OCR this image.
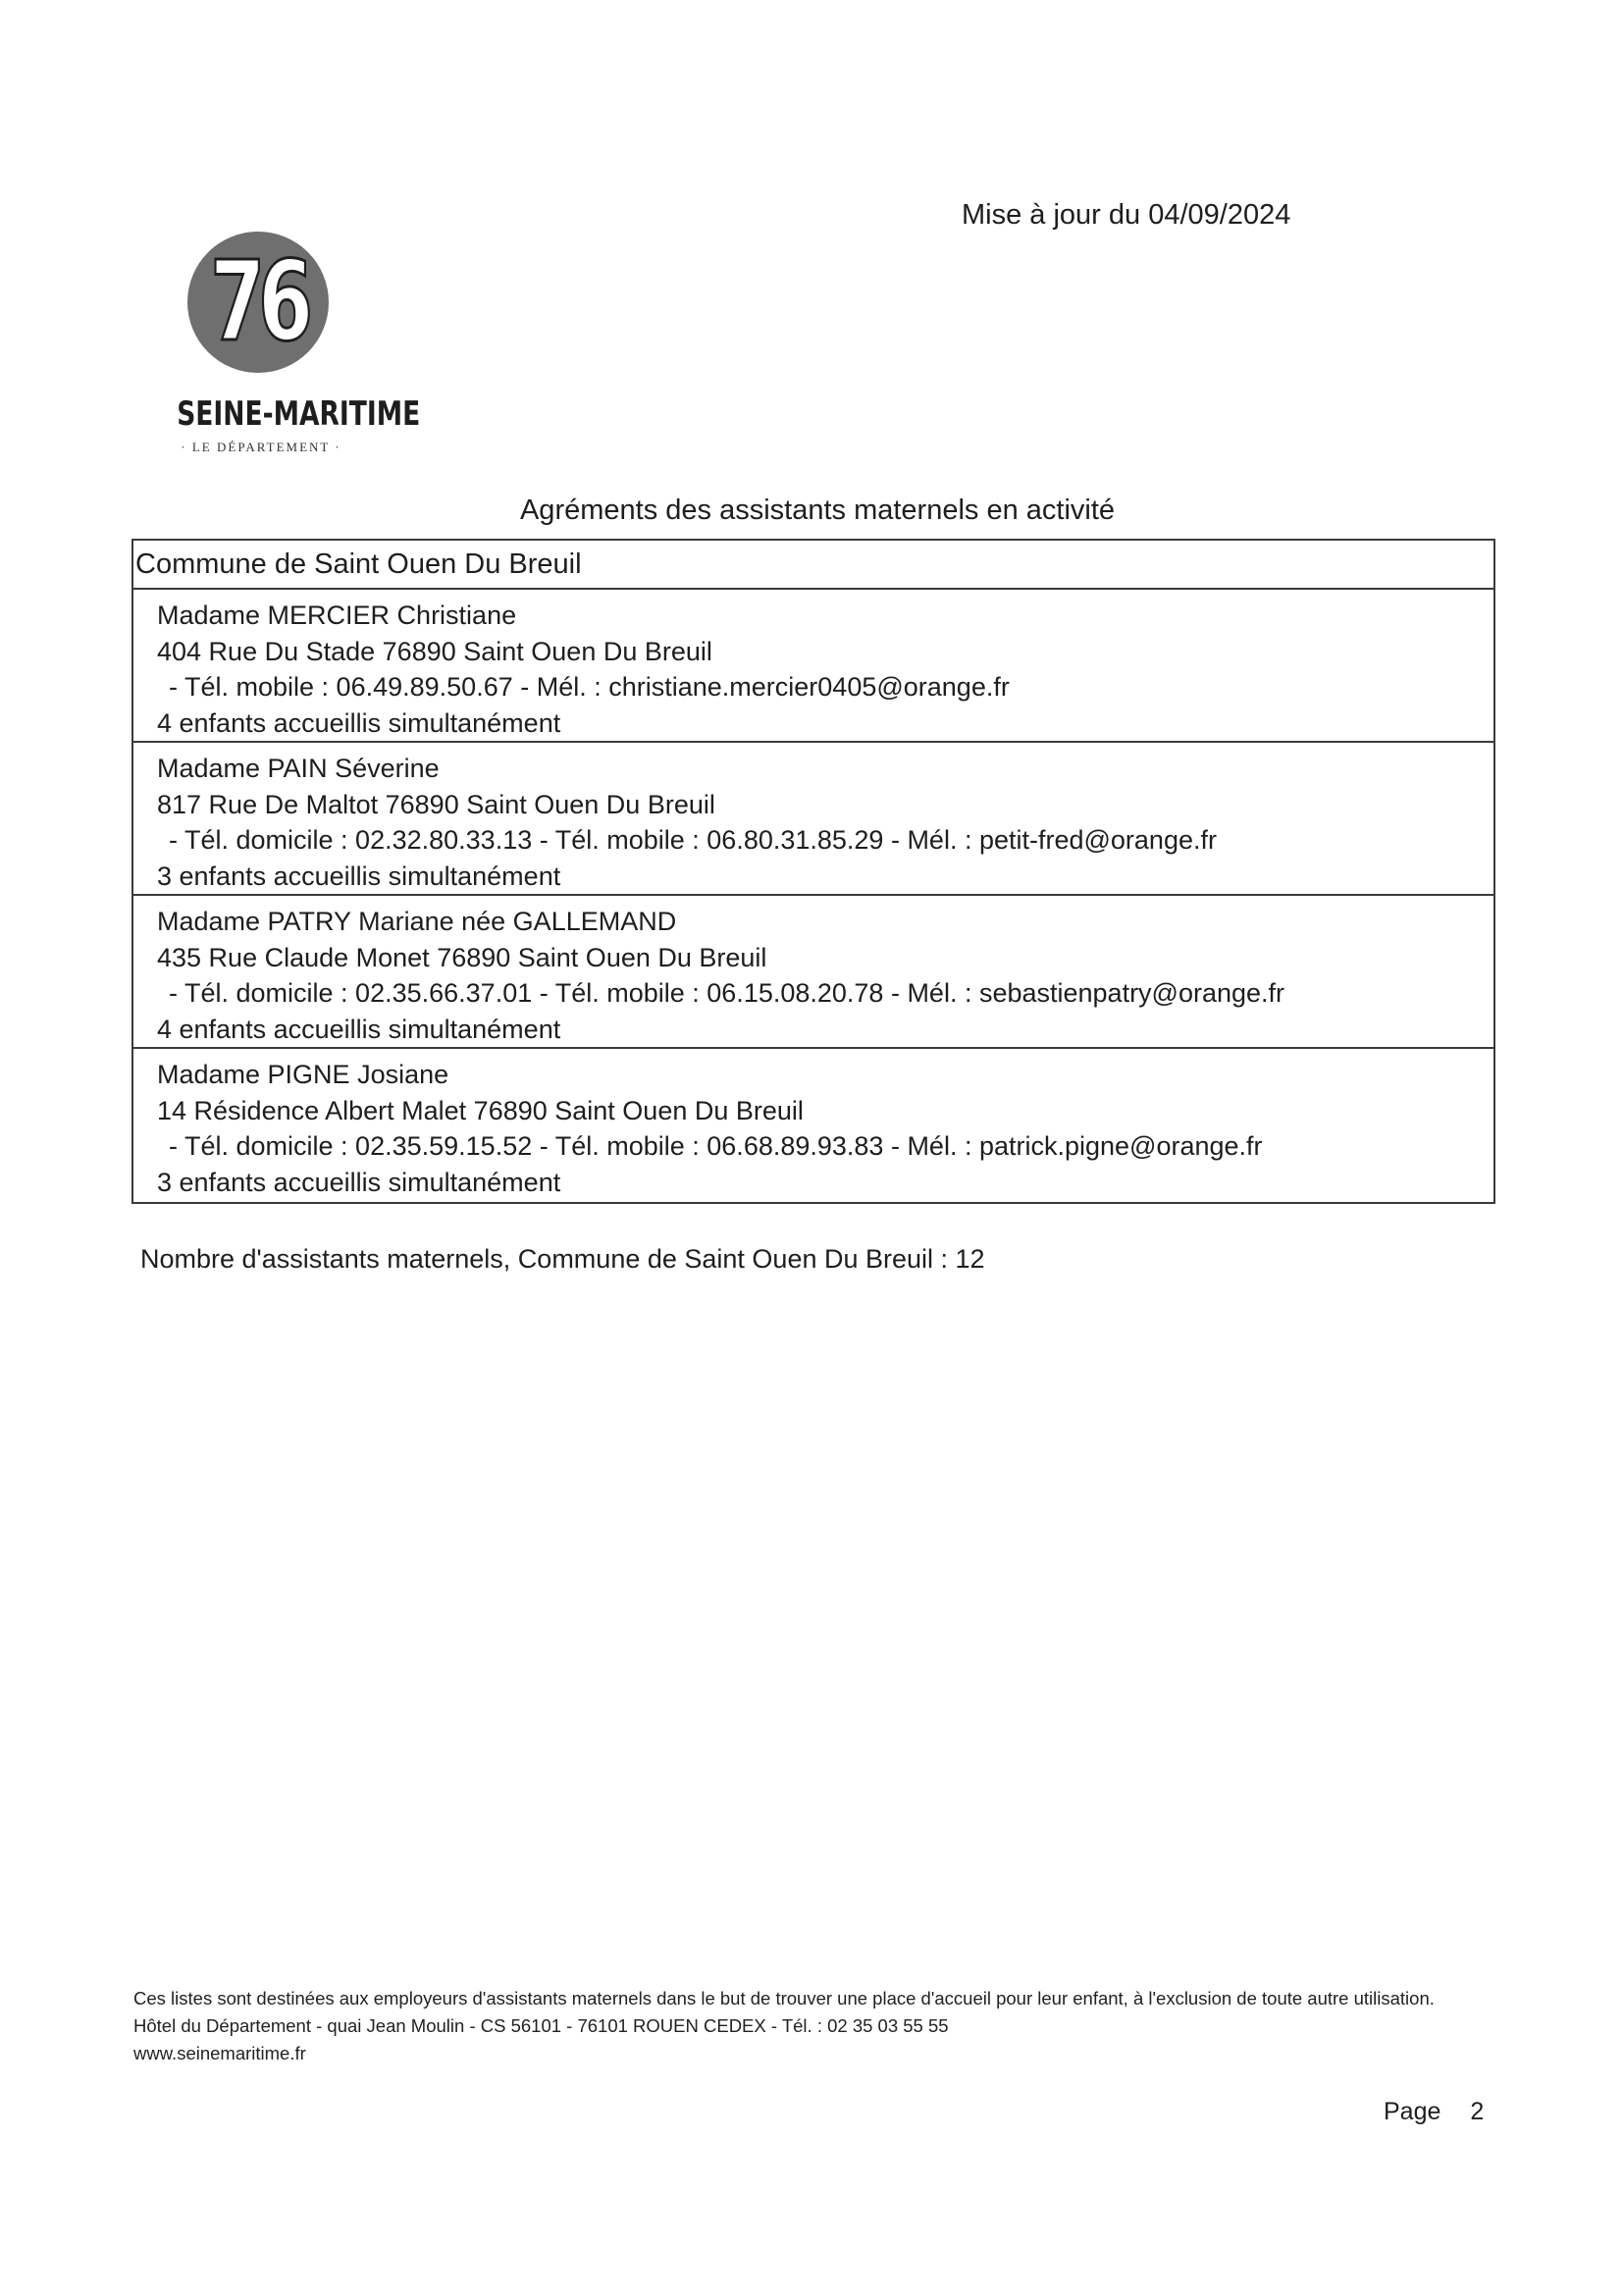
Mise à jour du 04/09/2024
76
SEINE-MARITIME
· LE DÉPARTEMENT ·
Agréments des assistants maternels en activité
Commune de Saint Ouen Du Breuil
Madame MERCIER Christiane
404 Rue Du Stade 76890 Saint Ouen Du Breuil
- Tél. mobile : 06.49.89.50.67 - Mél. : christiane.mercier0405@orange.fr
4 enfants accueillis simultanément
Madame PAIN Séverine
817 Rue De Maltot 76890 Saint Ouen Du Breuil
- Tél. domicile : 02.32.80.33.13 - Tél. mobile : 06.80.31.85.29 - Mél. : petit-fred@orange.fr
3 enfants accueillis simultanément
Madame PATRY Mariane née GALLEMAND
435 Rue Claude Monet 76890 Saint Ouen Du Breuil
- Tél. domicile : 02.35.66.37.01 - Tél. mobile : 06.15.08.20.78 - Mél. : sebastienpatry@orange.fr
4 enfants accueillis simultanément
Madame PIGNE Josiane
14 Résidence Albert Malet 76890 Saint Ouen Du Breuil
- Tél. domicile : 02.35.59.15.52 - Tél. mobile : 06.68.89.93.83 - Mél. : patrick.pigne@orange.fr
3 enfants accueillis simultanément
Nombre d'assistants maternels, Commune de Saint Ouen Du Breuil : 12
Ces listes sont destinées aux employeurs d'assistants maternels dans le but de trouver une place d'accueil pour leur enfant, à l'exclusion de toute autre utilisation.
Hôtel du Département - quai Jean Moulin - CS 56101 - 76101 ROUEN CEDEX - Tél. : 02 35 03 55 55
www.seinemaritime.fr
Page 2
